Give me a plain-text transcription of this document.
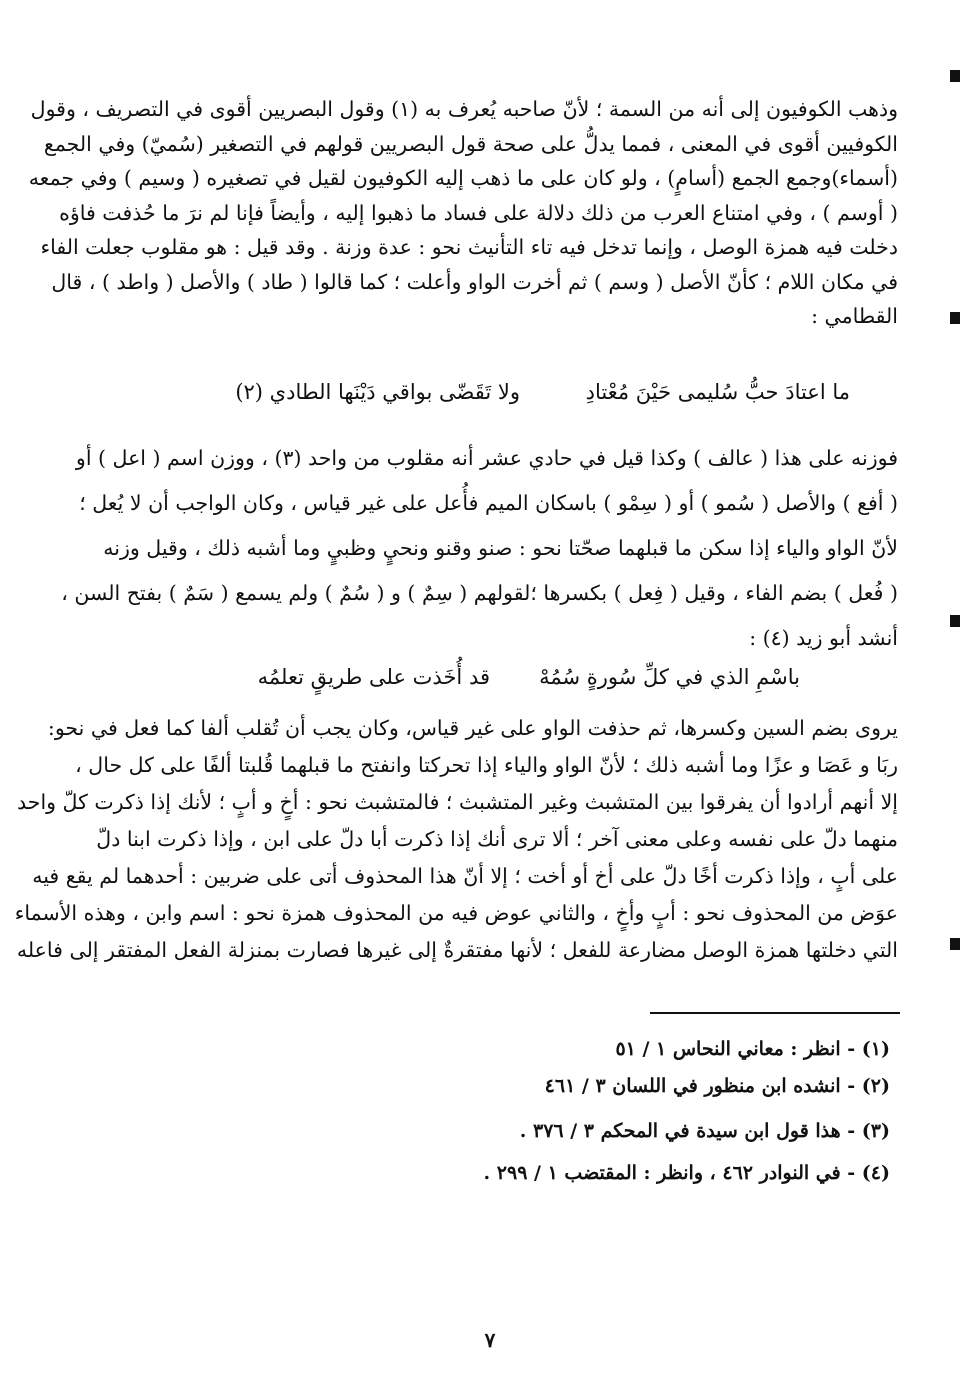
وذهب الكوفيون إلى أنه من السمة ؛ لأنّ صاحبه يُعرف به (١) وقول البصريين أقوى في التصريف ، وقول
الكوفيين أقوى في المعنى ، فمما يدلُّ على صحة قول البصريين قولهم في التصغير (سُميّ) وفي الجمع
(أسماء)وجمع الجمع (أسامٍ) ، ولو كان على ما ذهب إليه الكوفيون لقيل في تصغيره ( وسيم ) وفي جمعه
( أوسم ) ، وفي امتناع العرب من ذلك دلالة على فساد ما ذهبوا إليه ، وأيضاً فإنا لم نرَ ما حُذفت فاؤه
دخلت فيه همزة الوصل ، وإنما تدخل فيه تاء التأنيث نحو : عدة وزنة . وقد قيل : هو مقلوب جعلت الفاء
في مكان اللام ؛ كأنّ الأصل ( وسم ) ثم أخرت الواو وأعلت ؛ كما قالوا ( طاد ) والأصل ( واطد ) ، قال
القطامي :
ما اعتادَ حبُّ سُليمى حَيْنَ مُعْتادِ
ولا تَقَضّى بواقي دَيْنَها الطادي (٢)
فوزنه على هذا ( عالف ) وكذا قيل في حادي عشر أنه مقلوب من واحد (٣) ، ووزن اسم ( اعل ) أو
( أفع ) والأصل ( سُمو ) أو ( سِمْو ) باسكان الميم فأُعل على غير قياس ، وكان الواجب أن لا يُعل ؛
لأنّ الواو والياء إذا سكن ما قبلهما صحّتا نحو : صنو وقنو ونحيٍ وظبيٍ وما أشبه ذلك ، وقيل وزنه
( فُعل ) بضم الفاء ، وقيل ( فِعل ) بكسرها ؛لقولهم ( سِمٌ ) و ( سُمٌ ) ولم يسمع ( سَمٌ ) بفتح السن ،
أنشد أبو زيد (٤) :
باسْمِ الذي في كلِّ سُورةٍ سُمُهْ
قد أُخَذت على طريقٍ تعلمُه
يروى بضم السين وكسرها، ثم حذفت الواو على غير قياس، وكان يجب أن تُقلب ألفا كما فعل في نحو:
ربَا و عَصَا و عزًا وما أشبه ذلك ؛ لأنّ الواو والياء إذا تحركتا وانفتح ما قبلهما قُلبتا ألفًا على كل حال ،
إلا أنهم أرادوا أن يفرقوا بين المتشبث وغير المتشبث ؛ فالمتشبث نحو : أخٍ و أبٍ ؛ لأنك إذا ذكرت كلّ واحد
منهما دلّ على نفسه وعلى معنى آخر ؛ ألا ترى أنك إذا ذكرت أبا دلّ على ابن ، وإذا ذكرت ابنا دلّ
على أبٍ ، وإذا ذكرت أخًا دلّ على أخ أو أخت ؛ إلا أنّ هذا المحذوف أتى على ضربين : أحدهما لم يقع فيه
عوَض من المحذوف نحو : أبٍ وأخٍ ، والثاني عوض فيه من المحذوف همزة نحو : اسم وابن ، وهذه الأسماء
التي دخلتها همزة الوصل مضارعة للفعل ؛ لأنها مفتقرةٌ إلى غيرها فصارت بمنزلة الفعل المفتقر إلى فاعله
(١) - انظر : معاني النحاس ١ / ٥١
(٢) - انشده ابن منظور في اللسان ٣ / ٤٦١
(٣) - هذا قول ابن سيدة في المحكم ٣ / ٣٧٦ .
(٤) - في النوادر ٤٦٢ ، وانظر : المقتضب ١ / ٢٩٩ .
٧
